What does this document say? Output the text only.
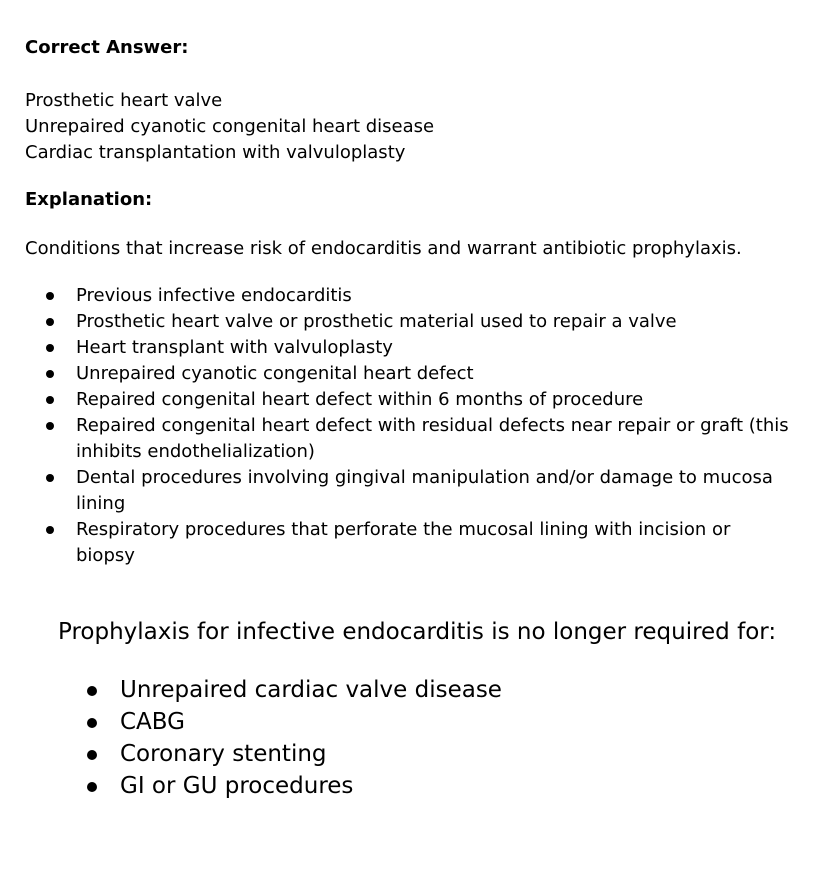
Correct Answer:
Prosthetic heart valve
Unrepaired cyanotic congenital heart disease
Cardiac transplantation with valvuloplasty
Explanation:

Conditions that increase risk of endocarditis and warrant antibiotic prophylaxis.

Previous infective endocarditis
Prosthetic heart valve or prosthetic material used to repair a valve
Heart transplant with valvuloplasty
Unrepaired cyanotic congenital heart defect
Repaired congenital heart defect within 6 months of procedure
Repaired congenital heart defect with residual defects near repair or graft (this inhibits endothelialization)
Dental procedures involving gingival manipulation and/or damage to mucosa lining
Respiratory procedures that perforate the mucosal lining with incision or biopsy

Prophylaxis for infective endocarditis is no longer required for:

Unrepaired cardiac valve disease
CABG
Coronary stenting
GI or GU procedures
